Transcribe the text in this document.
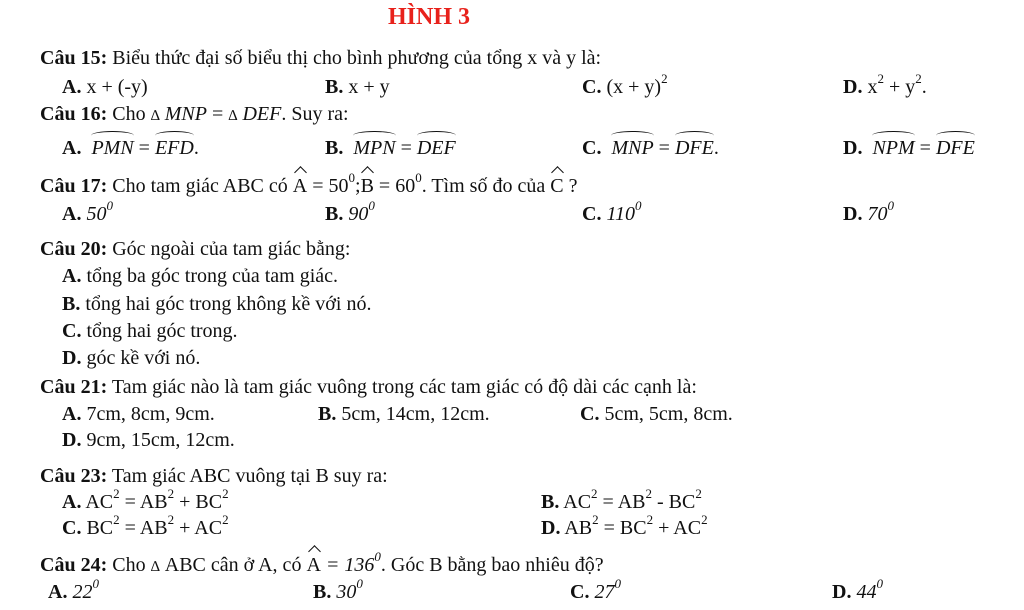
HÌNH 3
Câu 15: Biểu thức đại số biểu thị cho bình phương của tổng x và y là:
A. x + (-y)	B. x + y	C. $(x + y)^2$	D. $x^2 + y^2$.
Câu 16: Cho ∆ MNP = ∆ DEF. Suy ra:
A. PMN = EFD.	B. MPN = DEF	C. MNP = DFE.	D. NPM = DFE
Câu 17: Cho tam giác ABC có $A = 50^0;B = 60^0$. Tìm số đo của C ?
A. $50^0$	B. $90^0$	C. $110^0$	D. $70^0$
Câu 20: Góc ngoài của tam giác bằng:
A. tổng ba góc trong của tam giác.
B. tổng hai góc trong không kề với nó.
C. tổng hai góc trong.
D. góc kề với nó.
Câu 21: Tam giác nào là tam giác vuông trong các tam giác có độ dài các cạnh là:
A. 7cm, 8cm, 9cm.	B. 5cm, 14cm, 12cm.	C. 5cm, 5cm, 8cm.
D. 9cm, 15cm, 12cm.
Câu 23: Tam giác ABC vuông tại B suy ra:
A. $AC^2 = AB^2 + BC^2$	B. $AC^2 = AB^2 - BC^2$
C. $BC^2 = AB^2 + AC^2$	D. $AB^2 = BC^2 + AC^2$
Câu 24: Cho ∆ ABC cân ở A, có $A = 136^0$. Góc B bằng bao nhiêu độ?
A. $22^0$	B. $30^0$	C. $27^0$	D. $44^0$
